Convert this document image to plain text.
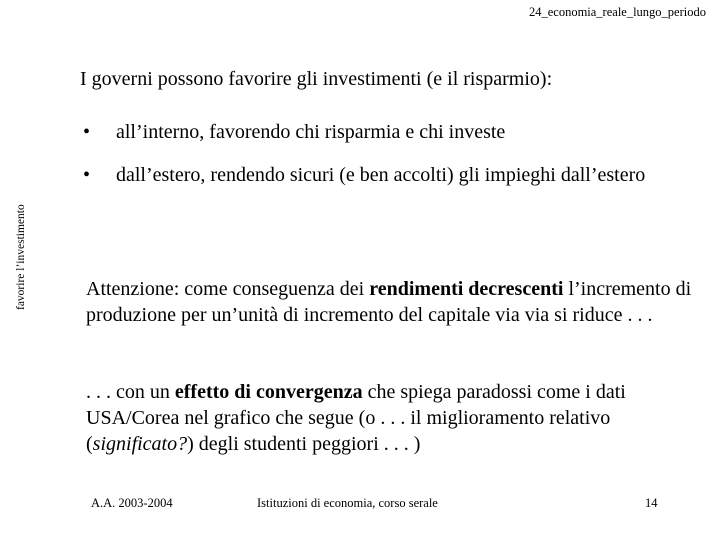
24_economia_reale_lungo_periodo
favorire l’investimento
I governi possono favorire gli investimenti (e il risparmio):
•	all’interno, favorendo chi risparmia e chi investe
•	dall’estero, rendendo sicuri (e ben accolti) gli impieghi dall’estero
Attenzione: come conseguenza dei rendimenti decrescenti l’incremento di produzione per un’unità di incremento del capitale via via si riduce . . .
. . . con un effetto di convergenza che spiega paradossi come i dati USA/Corea nel grafico che segue (o . . . il miglioramento relativo (significato?) degli studenti peggiori . . . )
A.A. 2003-2004	Istituzioni di economia, corso serale	14
